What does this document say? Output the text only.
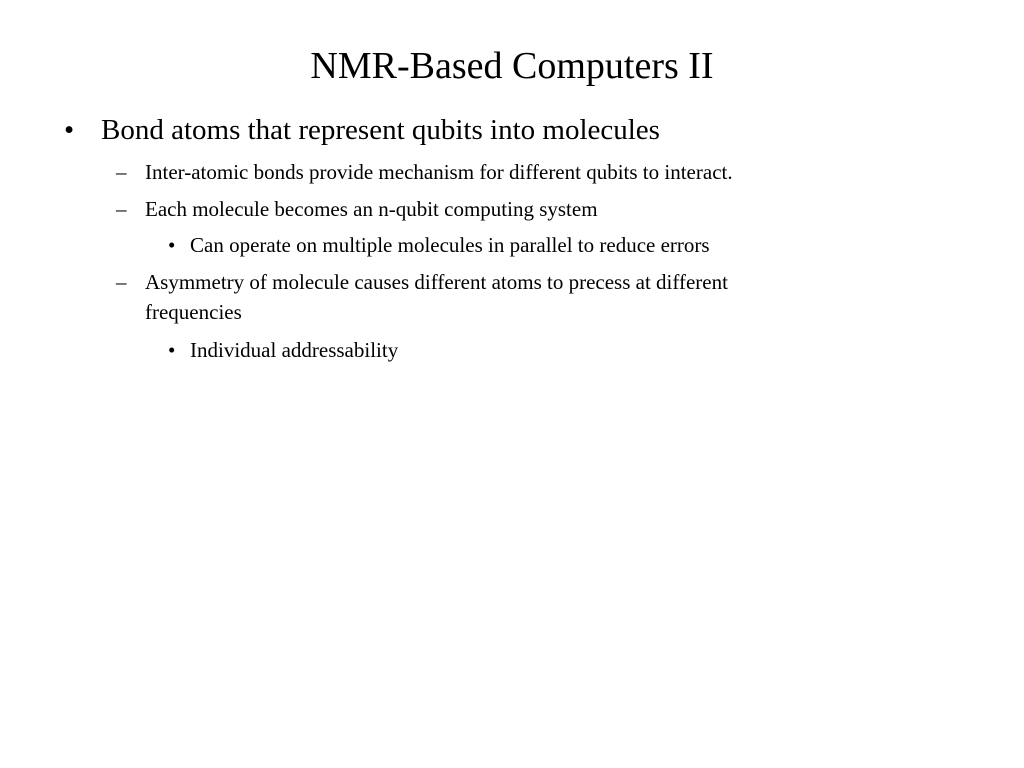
NMR-Based Computers II
• Bond atoms that represent qubits into molecules

– Inter-atomic bonds provide mechanism for different qubits to interact.

– Each molecule becomes an n-qubit computing system

• Can operate on multiple molecules in parallel to reduce errors

– Asymmetry of molecule causes different atoms to precess at different

frequencies

• Individual addressability
